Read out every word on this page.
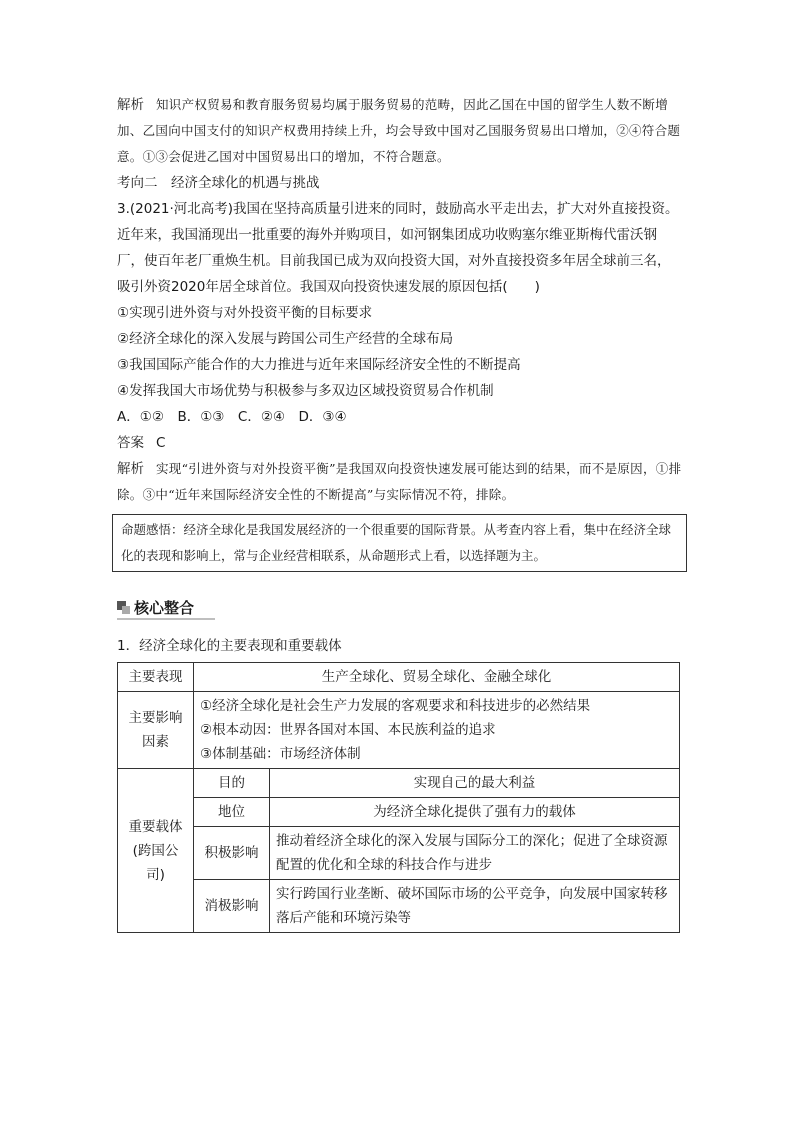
解析 知识产权贸易和教育服务贸易均属于服务贸易的范畴，因此乙国在中国的留学生人数不断增加、乙国向中国支付的知识产权费用持续上升，均会导致中国对乙国服务贸易出口增加，②④符合题意。①③会促进乙国对中国贸易出口的增加，不符合题意。

考向二　 经济全球化的机遇与挑战

3.(2021·河北高考)我国在坚持高质量引进来的同时，鼓励高水平走出去，扩大对外直接投资。近年来，我国涌现出一批重要的海外并购项目，如河钢集团成功收购塞尔维亚斯梅代雷沃钢厂，使百年老厂重焕生机。目前我国已成为双向投资大国，对外直接投资多年居全球前三名，吸引外资2020年居全球首位。我国双向投资快速发展的原因包括(　　)

①实现引进外资与对外投资平衡的目标要求

②经济全球化的深入发展与跨国公司生产经营的全球布局

③我国国际产能合作的大力推进与近年来国际经济安全性的不断提高

④发挥我国大市场优势与积极参与多双边区域投资贸易合作机制

A．①②　B．①③　C．②④　D．③④

答案 C

解析 实现“引进外资与对外投资平衡”是我国双向投资快速发展可能达到的结果，而不是原因，①排除。③中“近年来国际经济安全性的不断提高”与实际情况不符，排除。

命题感悟：经济全球化是我国发展经济的一个很重要的国际背景。从考查内容上看，集中在经济全球化的表现和影响上，常与企业经营相联系，从命题形式上看，以选择题为主。
核心整合
1．经济全球化的主要表现和重要载体
主要表现	生产全球化、贸易全球化、金融全球化	
主要影响因素	①经济全球化是社会生产力发展的客观要求和科技进步的必然结果
②根本动因：世界各国对本国、本民族利益的追求
③体制基础：市场经济体制	

重要载体(跨国公司)	目的	实现自己的最大利益
	地位	为经济全球化提供了强有力的载体
	积极影响	推动着经济全球化的深入发展与国际分工的深化；促进了全球资源配置的优化和全球的科技合作与进步
	消极影响	实行跨国行业垄断、破坏国际市场的公平竞争，向发展中国家转移落后产能和环境污染等
